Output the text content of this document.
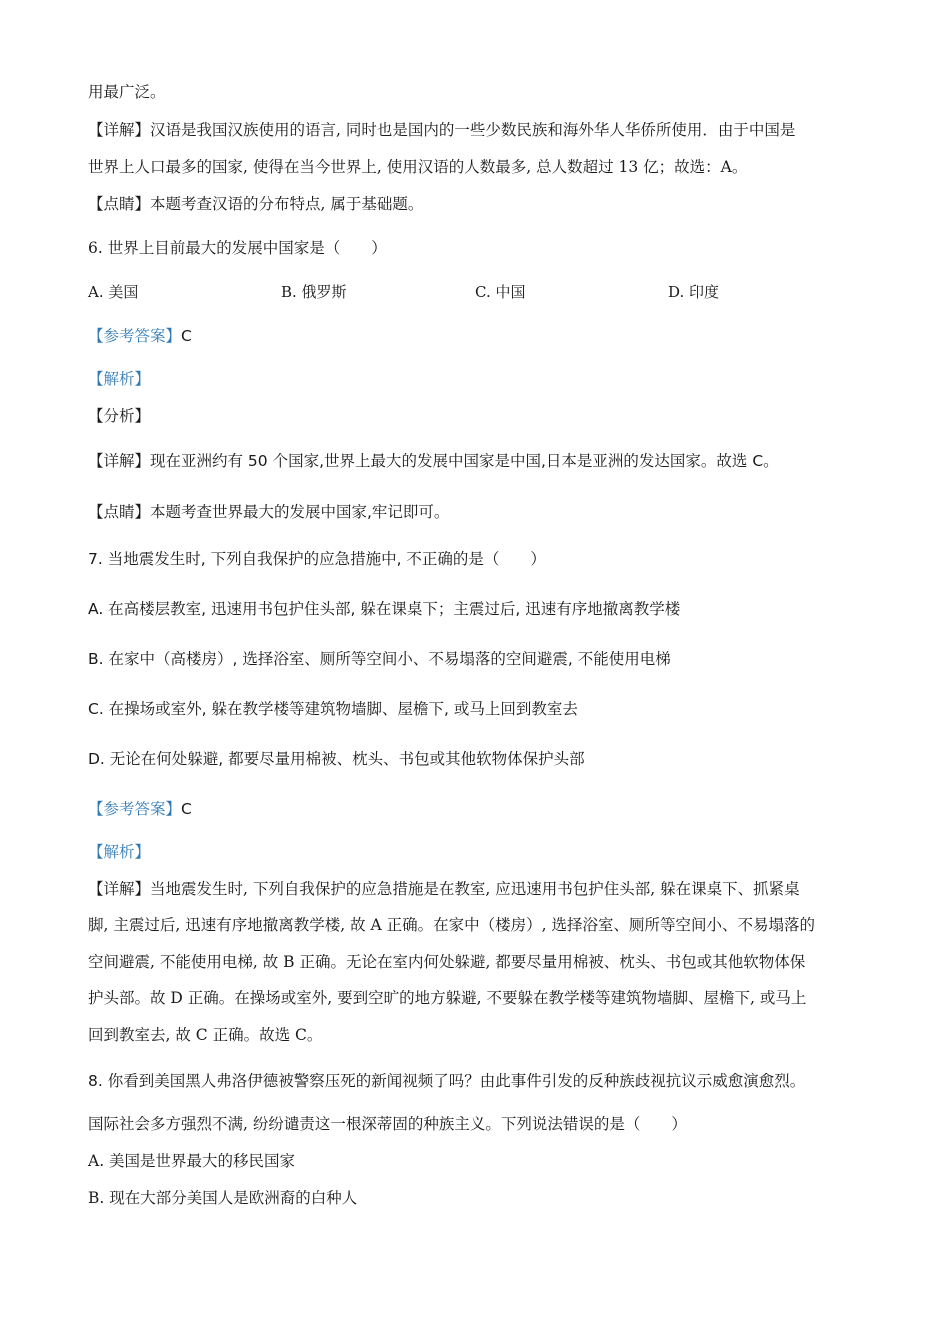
用最广泛。
【详解】汉语是我国汉族使用的语言, 同时也是国内的一些少数民族和海外华人华侨所使用．由于中国是
世界上人口最多的国家, 使得在当今世界上, 使用汉语的人数最多, 总人数超过 13 亿；故选：A。
【点睛】本题考查汉语的分布特点, 属于基础题。
6. 世界上目前最大的发展中国家是（　　）
A. 美国	B. 俄罗斯	C. 中国	D. 印度
【参考答案】C
【解析】
【分析】
【详解】现在亚洲约有 50 个国家,世界上最大的发展中国家是中国,日本是亚洲的发达国家。故选 C。
【点睛】本题考查世界最大的发展中国家,牢记即可。
7. 当地震发生时, 下列自我保护的应急措施中, 不正确的是（　　）
A. 在高楼层教室, 迅速用书包护住头部, 躲在课桌下；主震过后, 迅速有序地撤离教学楼
B. 在家中（高楼房）, 选择浴室、厕所等空间小、不易塌落的空间避震, 不能使用电梯
C. 在操场或室外, 躲在教学楼等建筑物墙脚、屋檐下, 或马上回到教室去
D. 无论在何处躲避, 都要尽量用棉被、枕头、书包或其他软物体保护头部
【参考答案】C
【解析】
【详解】当地震发生时, 下列自我保护的应急措施是在教室, 应迅速用书包护住头部, 躲在课桌下、抓紧桌
脚, 主震过后, 迅速有序地撤离教学楼, 故 A 正确。在家中（楼房）, 选择浴室、厕所等空间小、不易塌落的
空间避震, 不能使用电梯, 故 B 正确。无论在室内何处躲避, 都要尽量用棉被、枕头、书包或其他软物体保
护头部。故 D 正确。在操场或室外, 要到空旷的地方躲避, 不要躲在教学楼等建筑物墙脚、屋檐下, 或马上
回到教室去, 故 C 正确。故选 C。
8. 你看到美国黑人弗洛伊德被警察压死的新闻视频了吗？由此事件引发的反种族歧视抗议示威愈演愈烈。
国际社会多方强烈不满, 纷纷谴责这一根深蒂固的种族主义。下列说法错误的是（　　）
A. 美国是世界最大的移民国家
B. 现在大部分美国人是欧洲裔的白种人
